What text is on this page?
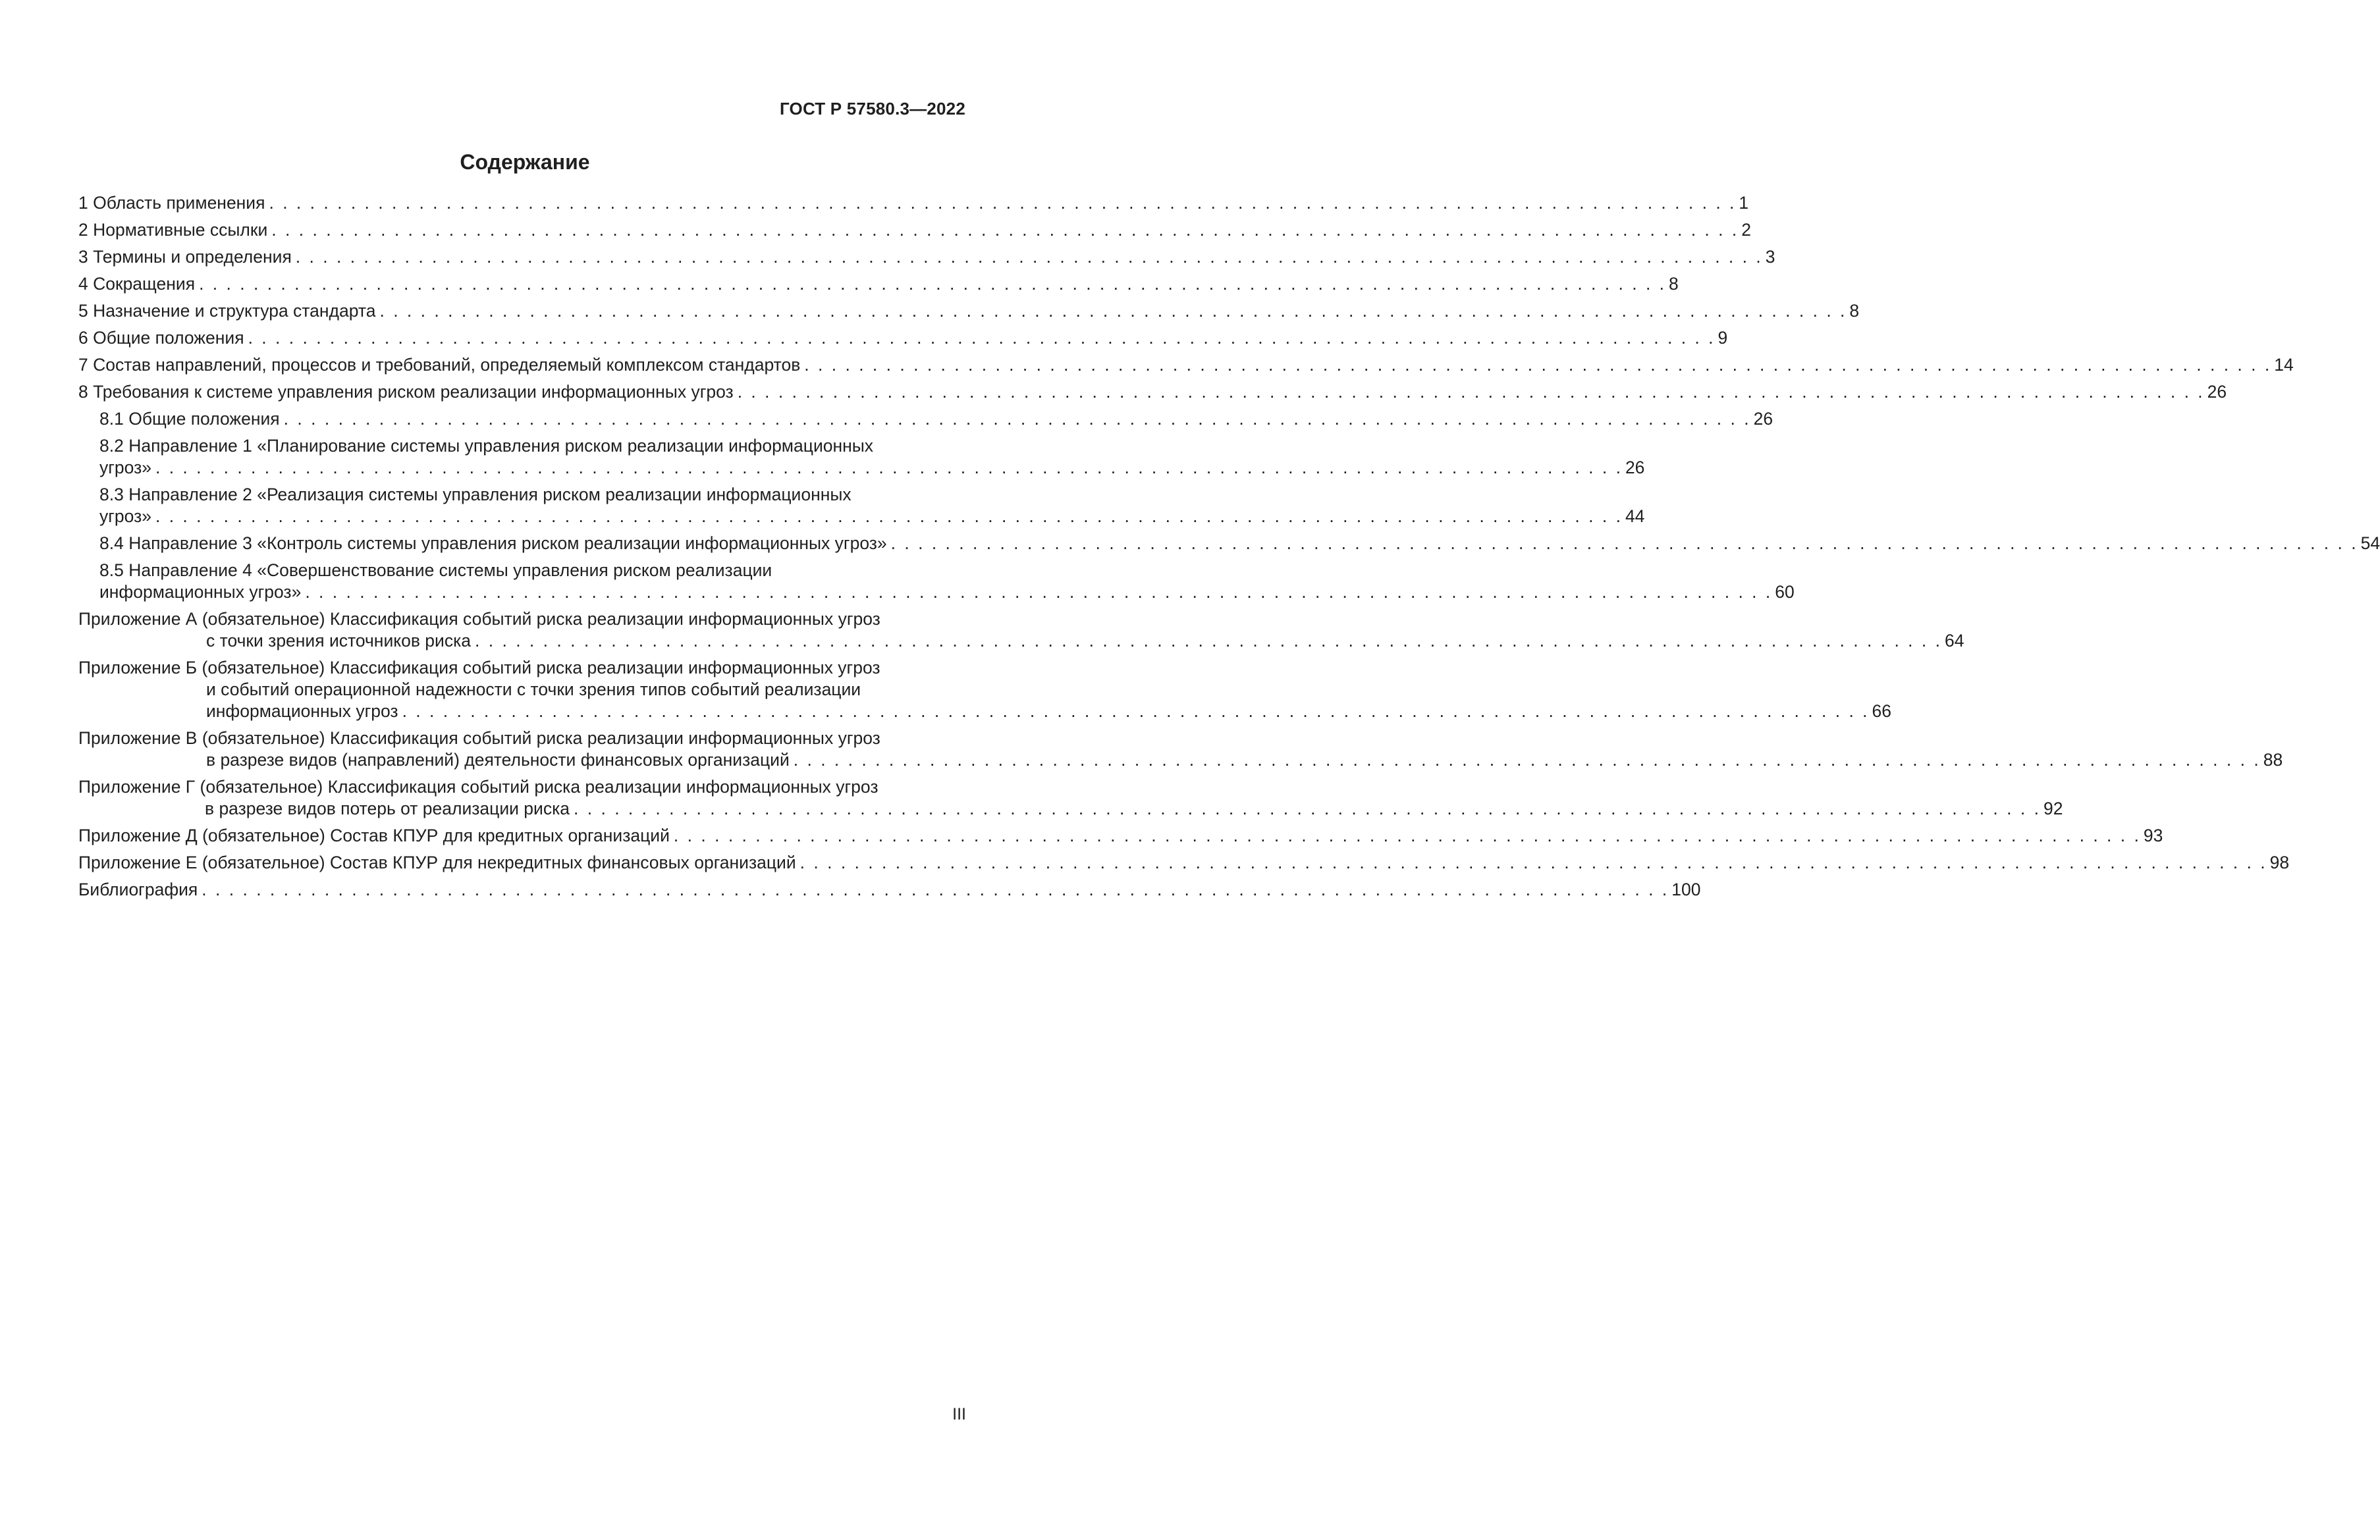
ГОСТ Р 57580.3—2022
Содержание
1 Область применения . . . . . . . . . . . . . . . . . . . . . . . . . . . . . . . . . . . . . . . . . . . . . . . . . . . . . . . . . . . . . . . . . . . . . . . . . . . . . . . . . . . . . . . . . . . . . . . . . . . . . . . . . . . . 1
2 Нормативные ссылки . . . . . . . . . . . . . . . . . . . . . . . . . . . . . . . . . . . . . . . . . . . . . . . . . . . . . . . . . . . . . . . . . . . . . . . . . . . . . . . . . . . . . . . . . . . . . . . . . . . . . . . . . . . . 2
3 Термины и определения . . . . . . . . . . . . . . . . . . . . . . . . . . . . . . . . . . . . . . . . . . . . . . . . . . . . . . . . . . . . . . . . . . . . . . . . . . . . . . . . . . . . . . . . . . . . . . . . . . . . . . . . . . . . 3
4 Сокращения . . . . . . . . . . . . . . . . . . . . . . . . . . . . . . . . . . . . . . . . . . . . . . . . . . . . . . . . . . . . . . . . . . . . . . . . . . . . . . . . . . . . . . . . . . . . . . . . . . . . . . . . . . . . 8
5 Назначение и структура стандарта . . . . . . . . . . . . . . . . . . . . . . . . . . . . . . . . . . . . . . . . . . . . . . . . . . . . . . . . . . . . . . . . . . . . . . . . . . . . . . . . . . . . . . . . . . . . . . . . . . . . . . . . . . . . 8
6 Общие положения . . . . . . . . . . . . . . . . . . . . . . . . . . . . . . . . . . . . . . . . . . . . . . . . . . . . . . . . . . . . . . . . . . . . . . . . . . . . . . . . . . . . . . . . . . . . . . . . . . . . . . . . . . . . 9
7 Состав направлений, процессов и требований, определяемый комплексом стандартов . . . . . . . . . . . . . . . . . . . . . . . . . . . . . . . . . . . . . . . . . . . . . . . . . . . . . . . . . . . . . . . . . . . . . . . . . . . . . . . . . . . . . . . . . . . . . . . . . . . . . . . . . . . . 14
8 Требования к системе управления риском реализации информационных угроз . . . . . . . . . . . . . . . . . . . . . . . . . . . . . . . . . . . . . . . . . . . . . . . . . . . . . . . . . . . . . . . . . . . . . . . . . . . . . . . . . . . . . . . . . . . . . . . . . . . . . . . . . . . . 26
8.1 Общие положения . . . . . . . . . . . . . . . . . . . . . . . . . . . . . . . . . . . . . . . . . . . . . . . . . . . . . . . . . . . . . . . . . . . . . . . . . . . . . . . . . . . . . . . . . . . . . . . . . . . . . . . . . . . . 26
8.2 Направление 1 «Планирование системы управления риском реализации информационных
угроз» . . . . . . . . . . . . . . . . . . . . . . . . . . . . . . . . . . . . . . . . . . . . . . . . . . . . . . . . . . . . . . . . . . . . . . . . . . . . . . . . . . . . . . . . . . . . . . . . . . . . . . . . . . . . 26
8.3 Направление 2 «Реализация системы управления риском реализации информационных
угроз» . . . . . . . . . . . . . . . . . . . . . . . . . . . . . . . . . . . . . . . . . . . . . . . . . . . . . . . . . . . . . . . . . . . . . . . . . . . . . . . . . . . . . . . . . . . . . . . . . . . . . . . . . . . . 44
8.4 Направление 3 «Контроль системы управления риском реализации информационных угроз» . . . . . . . . . . . . . . . . . . . . . . . . . . . . . . . . . . . . . . . . . . . . . . . . . . . . . . . . . . . . . . . . . . . . . . . . . . . . . . . . . . . . . . . . . . . . . . . . . . . . . . . . . . . . 54
8.5 Направление 4 «Совершенствование системы управления риском реализации
информационных угроз» . . . . . . . . . . . . . . . . . . . . . . . . . . . . . . . . . . . . . . . . . . . . . . . . . . . . . . . . . . . . . . . . . . . . . . . . . . . . . . . . . . . . . . . . . . . . . . . . . . . . . . . . . . . . 60
Приложение А (обязательное) Классификация событий риска реализации информационных угроз
с точки зрения источников риска . . . . . . . . . . . . . . . . . . . . . . . . . . . . . . . . . . . . . . . . . . . . . . . . . . . . . . . . . . . . . . . . . . . . . . . . . . . . . . . . . . . . . . . . . . . . . . . . . . . . . . . . . . . . 64
Приложение Б (обязательное) Классификация событий риска реализации информационных угроз
и событий операционной надежности с точки зрения типов событий реализации
информационных угроз . . . . . . . . . . . . . . . . . . . . . . . . . . . . . . . . . . . . . . . . . . . . . . . . . . . . . . . . . . . . . . . . . . . . . . . . . . . . . . . . . . . . . . . . . . . . . . . . . . . . . . . . . . . . 66
Приложение В (обязательное) Классификация событий риска реализации информационных угроз
в разрезе видов (направлений) деятельности финансовых организаций . . . . . . . . . . . . . . . . . . . . . . . . . . . . . . . . . . . . . . . . . . . . . . . . . . . . . . . . . . . . . . . . . . . . . . . . . . . . . . . . . . . . . . . . . . . . . . . . . . . . . . . . . . . . 88
Приложение Г (обязательное) Классификация событий риска реализации информационных угроз
в разрезе видов потерь от реализации риска . . . . . . . . . . . . . . . . . . . . . . . . . . . . . . . . . . . . . . . . . . . . . . . . . . . . . . . . . . . . . . . . . . . . . . . . . . . . . . . . . . . . . . . . . . . . . . . . . . . . . . . . . . . . 92
Приложение Д (обязательное) Состав КПУР для кредитных организаций . . . . . . . . . . . . . . . . . . . . . . . . . . . . . . . . . . . . . . . . . . . . . . . . . . . . . . . . . . . . . . . . . . . . . . . . . . . . . . . . . . . . . . . . . . . . . . . . . . . . . . . . . . . . 93
Приложение Е (обязательное) Состав КПУР для некредитных финансовых организаций . . . . . . . . . . . . . . . . . . . . . . . . . . . . . . . . . . . . . . . . . . . . . . . . . . . . . . . . . . . . . . . . . . . . . . . . . . . . . . . . . . . . . . . . . . . . . . . . . . . . . . . . . . . . 98
Библиография . . . . . . . . . . . . . . . . . . . . . . . . . . . . . . . . . . . . . . . . . . . . . . . . . . . . . . . . . . . . . . . . . . . . . . . . . . . . . . . . . . . . . . . . . . . . . . . . . . . . . . . . . . . . 100
III
